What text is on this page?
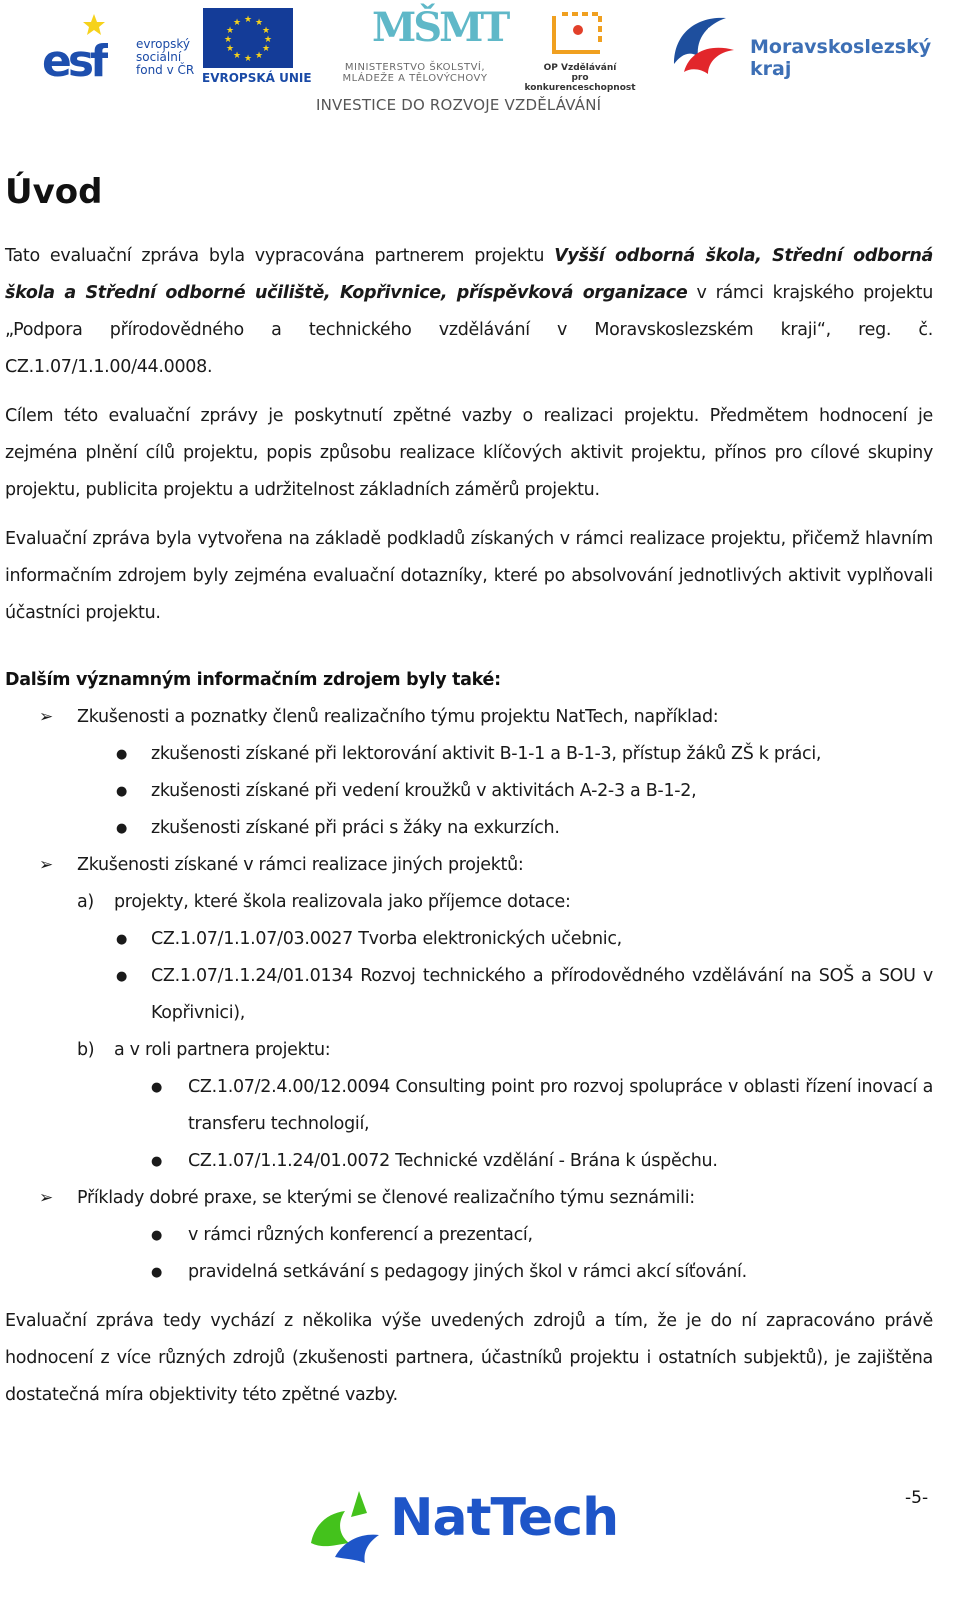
esf	evropský
sociální
fond v ČR
★ ★
★
★
★
★
★
★
★
★
★
★
EVROPSKÁ UNIE
MŠMT
MINISTERSTVO ŠKOLSTVÍ,
MLÁDEŽE A TĚLOVÝCHOVY
OP Vzdělávání
pro konkurenceschopnost
Moravskoslezský
kraj
INVESTICE DO ROZVOJE VZDĚLÁVÁNÍ
Úvod

Tato evaluační zpráva byla vypracována partnerem projektu Vyšší odborná škola, Střední odborná škola a Střední odborné učiliště, Kopřivnice, příspěvková organizace v rámci krajského projektu „Podpora přírodovědného a technického vzdělávání v Moravskoslezském kraji“, reg. č. CZ.1.07/1.1.00/44.0008.

Cílem této evaluační zprávy je poskytnutí zpětné vazby o realizaci projektu. Předmětem hodnocení je zejména plnění cílů projektu, popis způsobu realizace klíčových aktivit projektu, přínos pro cílové skupiny projektu, publicita projektu a udržitelnost základních záměrů projektu.

Evaluační zpráva byla vytvořena na základě podkladů získaných v rámci realizace projektu, přičemž hlavním informačním zdrojem byly zejména evaluační dotazníky, které po absolvování jednotlivých aktivit vyplňovali účastníci projektu.

Dalším významným informačním zdrojem byly také:
➢ Zkušenosti a poznatky členů realizačního týmu projektu NatTech, například:
● zkušenosti získané při lektorování aktivit B-1-1 a B-1-3, přístup žáků ZŠ k práci,
● zkušenosti získané při vedení kroužků v aktivitách A-2-3 a B-1-2,
● zkušenosti získané při práci s žáky na exkurzích.
➢ Zkušenosti získané v rámci realizace jiných projektů:
a) projekty, které škola realizovala jako příjemce dotace:
● CZ.1.07/1.1.07/03.0027 Tvorba elektronických učebnic,
● CZ.1.07/1.1.24/01.0134 Rozvoj technického a přírodovědného vzdělávání na SOŠ a SOU v Kopřivnici),
b) a v roli partnera projektu:
● CZ.1.07/2.4.00/12.0094 Consulting point pro rozvoj spolupráce v oblasti řízení inovací a transferu technologií,
● CZ.1.07/1.1.24/01.0072 Technické vzdělání - Brána k úspěchu.
➢ Příklady dobré praxe, se kterými se členové realizačního týmu seznámili:
● v rámci různých konferencí a prezentací,
● pravidelná setkávání s pedagogy jiných škol v rámci akcí síťování.

Evaluační zpráva tedy vychází z několika výše uvedených zdrojů a tím, že je do ní zapracováno právě hodnocení z více různých zdrojů (zkušenosti partnera, účastníků projektu i ostatních subjektů), je zajištěna dostatečná míra objektivity této zpětné vazby.

NatTech	-5-
